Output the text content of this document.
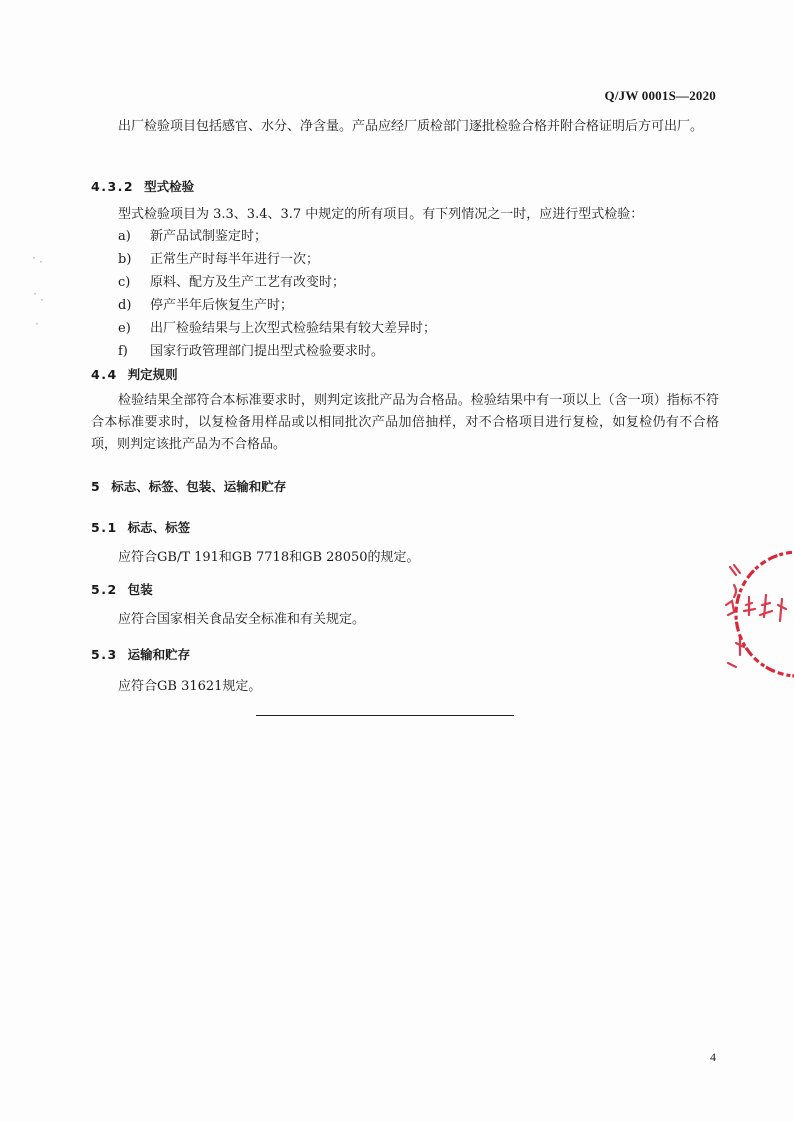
Q/JW 0001S—2020
出厂检验项目包括感官、水分、净含量。产品应经厂质检部门逐批检验合格并附合格证明后方可出厂。
4.3.2 型式检验
型式检验项目为 3.3、3.4、3.7 中规定的所有项目。有下列情况之一时，应进行型式检验：
a) 新产品试制鉴定时；
b) 正常生产时每半年进行一次；
c) 原料、配方及生产工艺有改变时；
d) 停产半年后恢复生产时；
e) 出厂检验结果与上次型式检验结果有较大差异时；
f) 国家行政管理部门提出型式检验要求时。
4.4 判定规则
检验结果全部符合本标准要求时，则判定该批产品为合格品。检验结果中有一项以上（含一项）指标不符合本标准要求时，以复检备用样品或以相同批次产品加倍抽样，对不合格项目进行复检，如复检仍有不合格项，则判定该批产品为不合格品。
5 标志、标签、包装、运输和贮存
5.1 标志、标签
应符合GB/T 191和GB 7718和GB 28050的规定。
5.2 包装
应符合国家相关食品安全标准和有关规定。
5.3 运输和贮存
应符合GB 31621规定。
4
